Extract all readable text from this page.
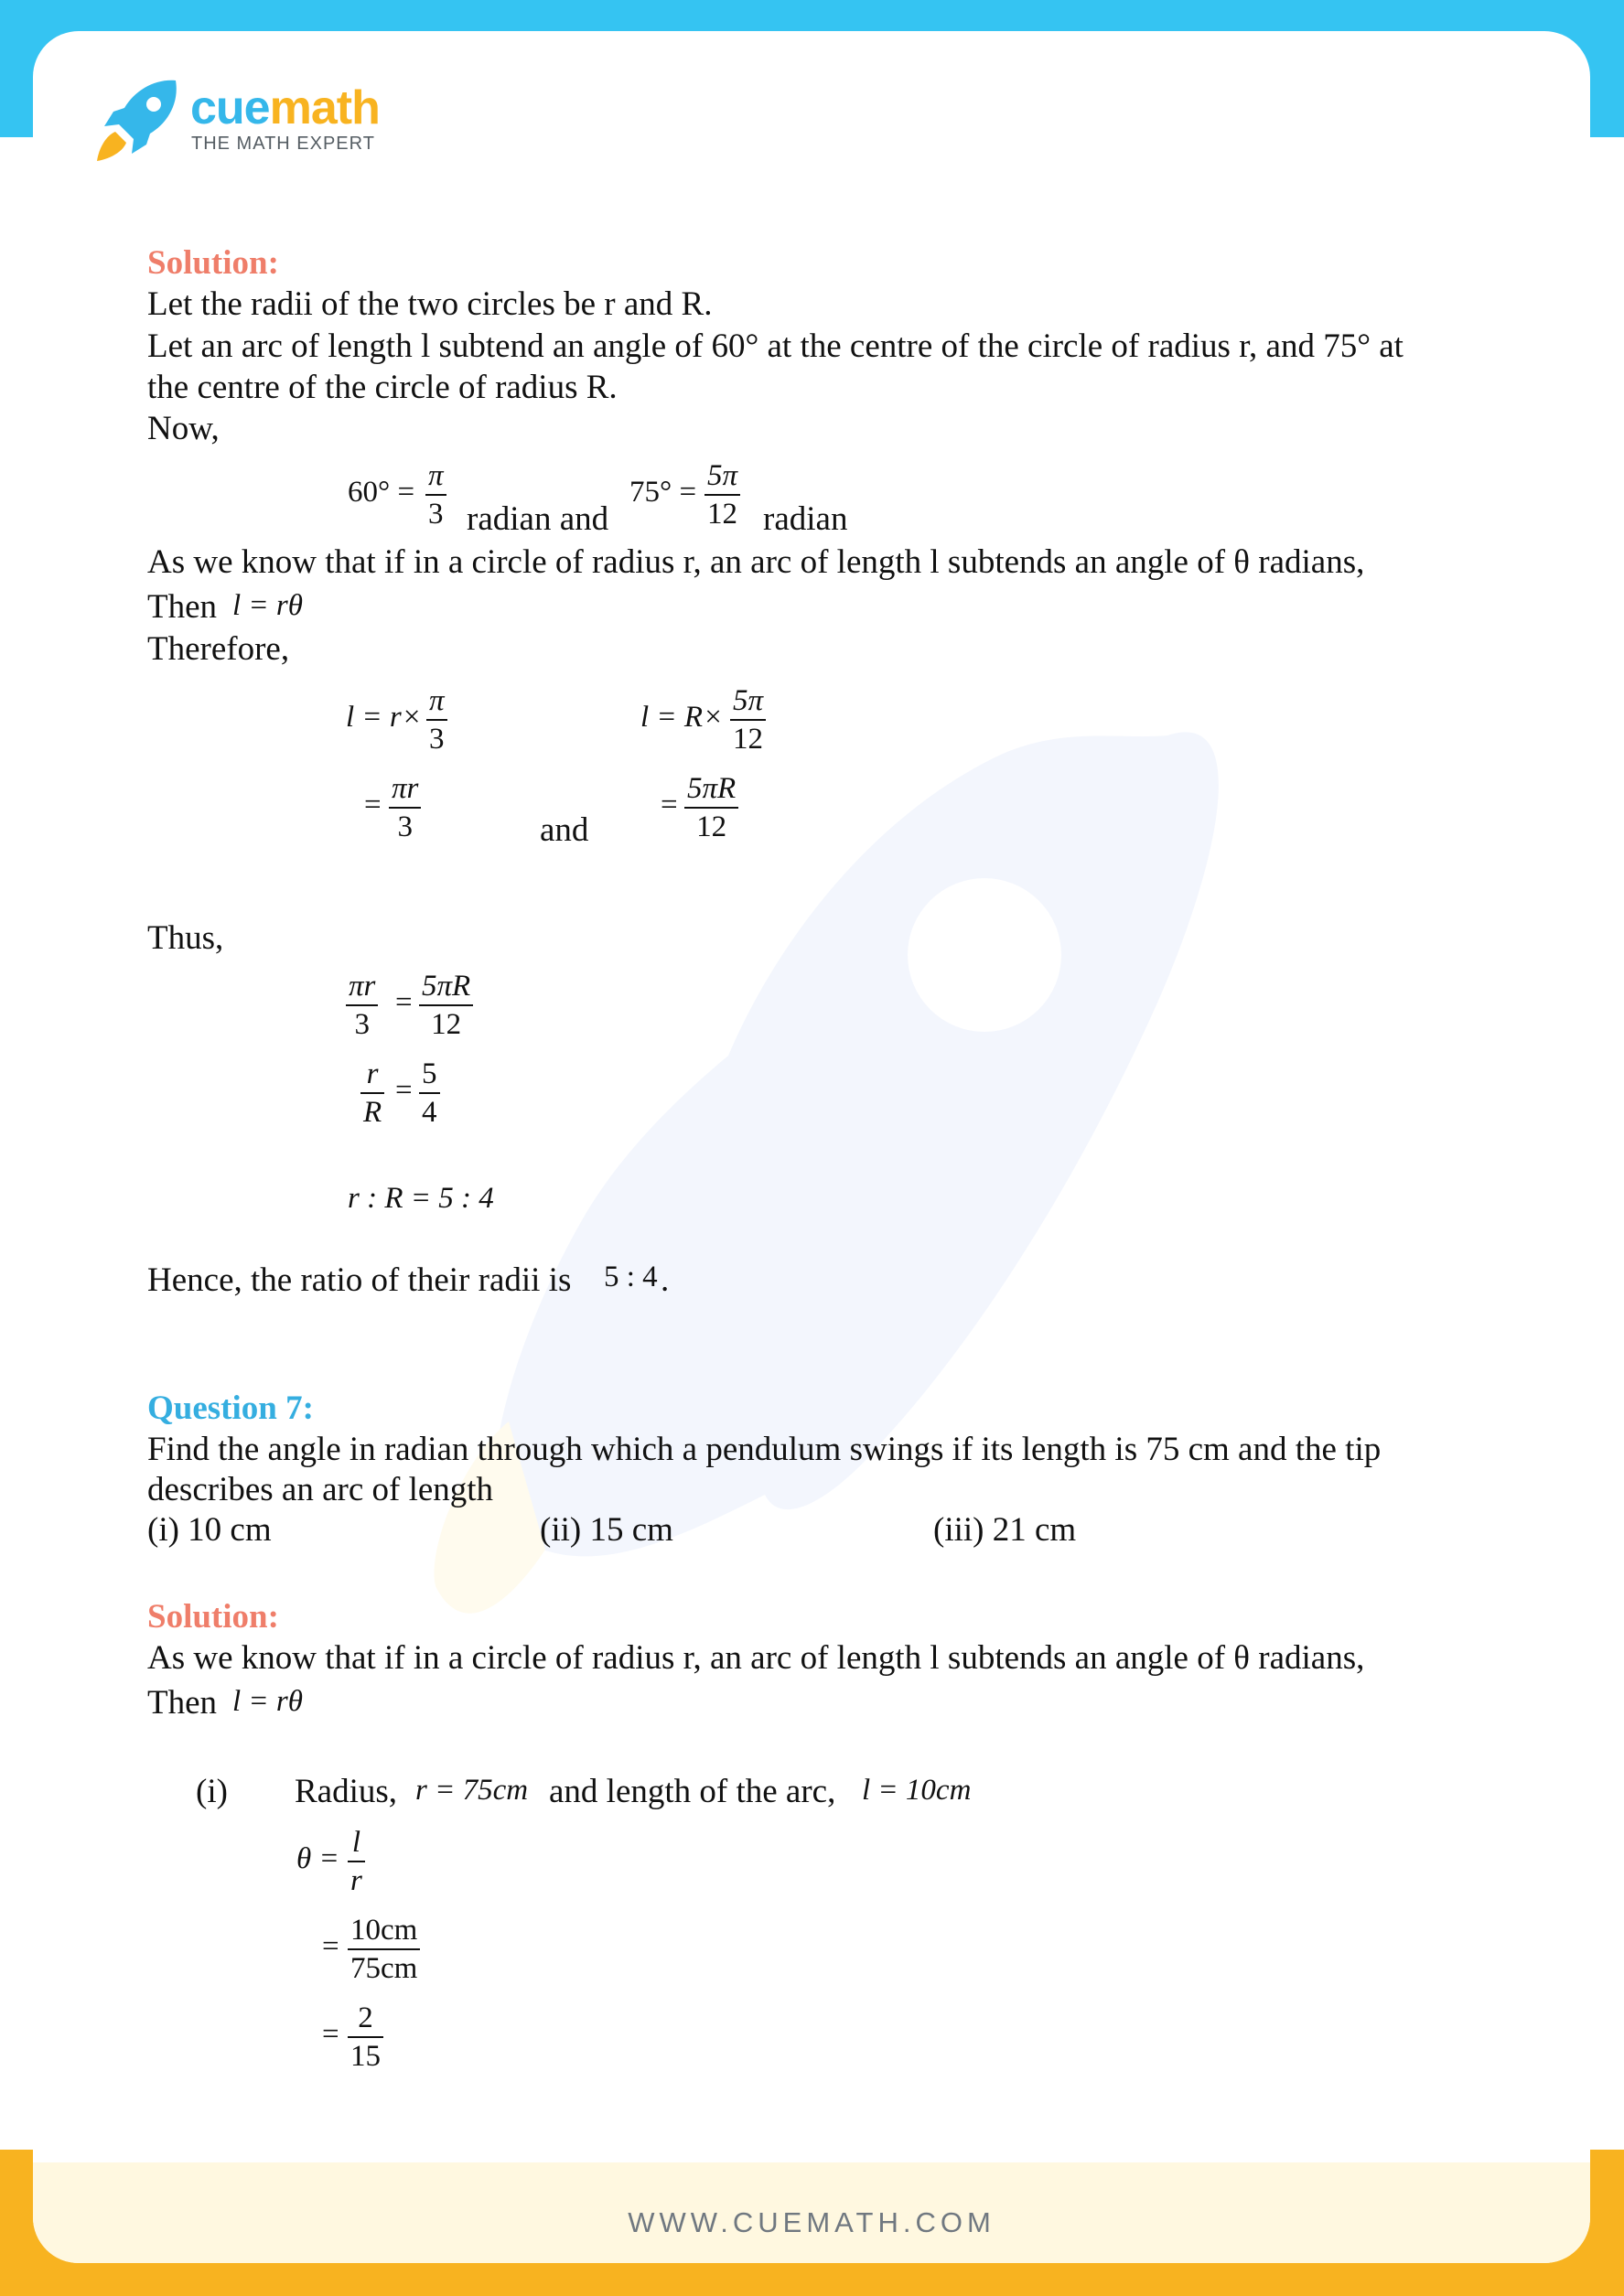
WWW.CUEMATH.COM
cuemath
THE MATH EXPERT
Solution:
Let the radii of the two circles be r and R.
Let an arc of length l subtend an angle of 60° at the centre of the circle of radius r, and 75° at
the centre of the circle of radius R.
Now,
$60^\circ = \frac{\pi}{3}$ radian and
$75^\circ = \frac{5\pi}{12}$ radian
As we know that if in a circle of radius r, an arc of length l subtends an angle of θ radians,
Then l = rθ
Therefore,
$l = r\times \frac{\pi}{3}$	$l = R\times \frac{5\pi}{12}$
= $\frac{\pi r}{3}$	and
= $\frac{5\pi R}{12}$
Thus,
$\frac{\pi r}{3} = \frac{5\pi R}{12}$
$\frac{r}{R} = \frac{5}{4}$
r : R = 5 : 4
Hence, the ratio of their radii is 5 : 4 .
Question 7:
Find the angle in radian through which a pendulum swings if its length is 75 cm and the tip
describes an arc of length
(i) 10 cm	(ii) 15 cm	(iii) 21 cm
Solution:
As we know that if in a circle of radius r, an arc of length l subtends an angle of θ radians,
Then l = rθ
(i) Radius, r = 75cm and length of the arc, l = 10cm
$\theta = \frac{l}{r}$
= $\frac{10cm}{75cm}$
= $\frac{2}{15}$
